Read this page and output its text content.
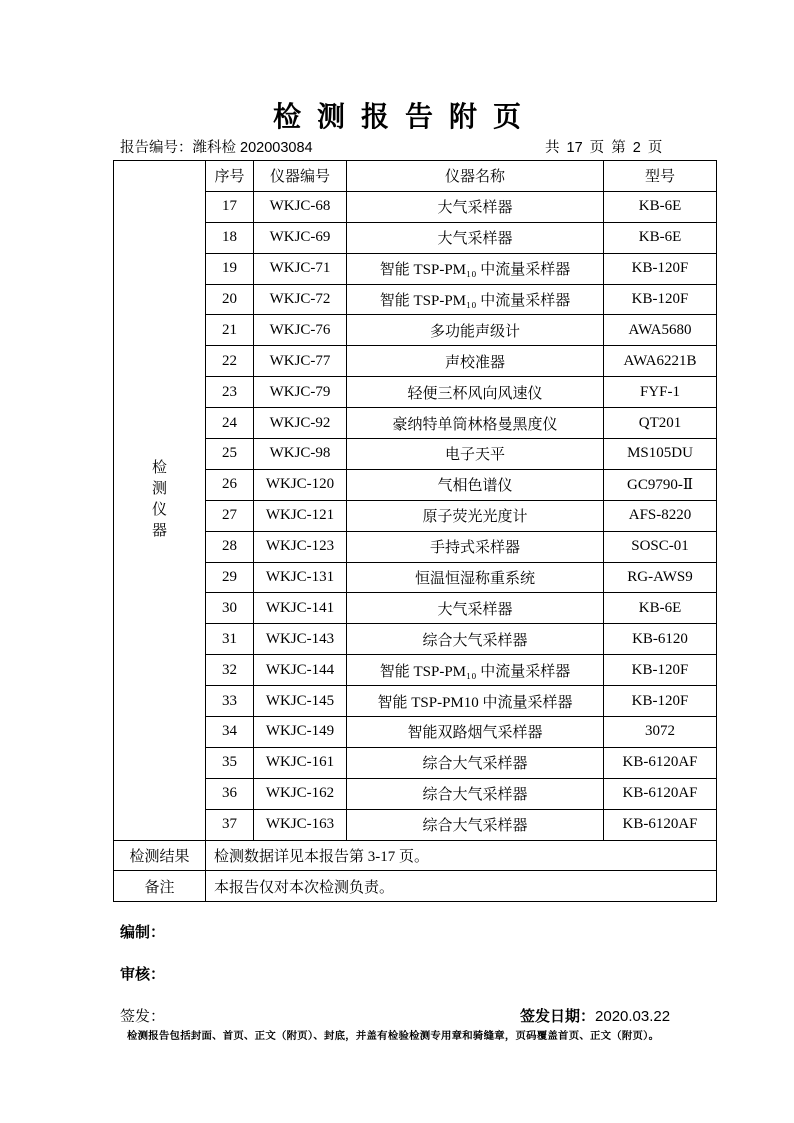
检 测 报 告 附 页
报告编号：潍科检 202003084	共 17 页 第 2 页
检测仪器	序号	仪器编号	仪器名称	型号
	17	WKJC-68	大气采样器	KB-6E
	18	WKJC-69	大气采样器	KB-6E
	19	WKJC-71	智能 TSP-PM₁₀ 中流量采样器	KB-120F
	20	WKJC-72	智能 TSP-PM₁₀ 中流量采样器	KB-120F
	21	WKJC-76	多功能声级计	AWA5680
	22	WKJC-77	声校准器	AWA6221B
	23	WKJC-79	轻便三杯风向风速仪	FYF-1
	24	WKJC-92	豪纳特单筒林格曼黑度仪	QT201
	25	WKJC-98	电子天平	MS105DU
	26	WKJC-120	气相色谱仪	GC9790-Ⅱ
	27	WKJC-121	原子荧光光度计	AFS-8220
	28	WKJC-123	手持式采样器	SOSC-01
	29	WKJC-131	恒温恒湿称重系统	RG-AWS9
	30	WKJC-141	大气采样器	KB-6E
	31	WKJC-143	综合大气采样器	KB-6120
	32	WKJC-144	智能 TSP-PM₁₀ 中流量采样器	KB-120F
	33	WKJC-145	智能 TSP-PM10 中流量采样器	KB-120F
	34	WKJC-149	智能双路烟气采样器	3072
	35	WKJC-161	综合大气采样器	KB-6120AF
	36	WKJC-162	综合大气采样器	KB-6120AF
	37	WKJC-163	综合大气采样器	KB-6120AF
检测结果	检测数据详见本报告第 3-17 页。			
备注	本报告仅对本次检测负责。			
编制：
审核：
签发：	签发日期：2020.03.22
检测报告包括封面、首页、正文（附页）、封底，并盖有检验检测专用章和骑缝章，页码覆盖首页、正文（附页）。
